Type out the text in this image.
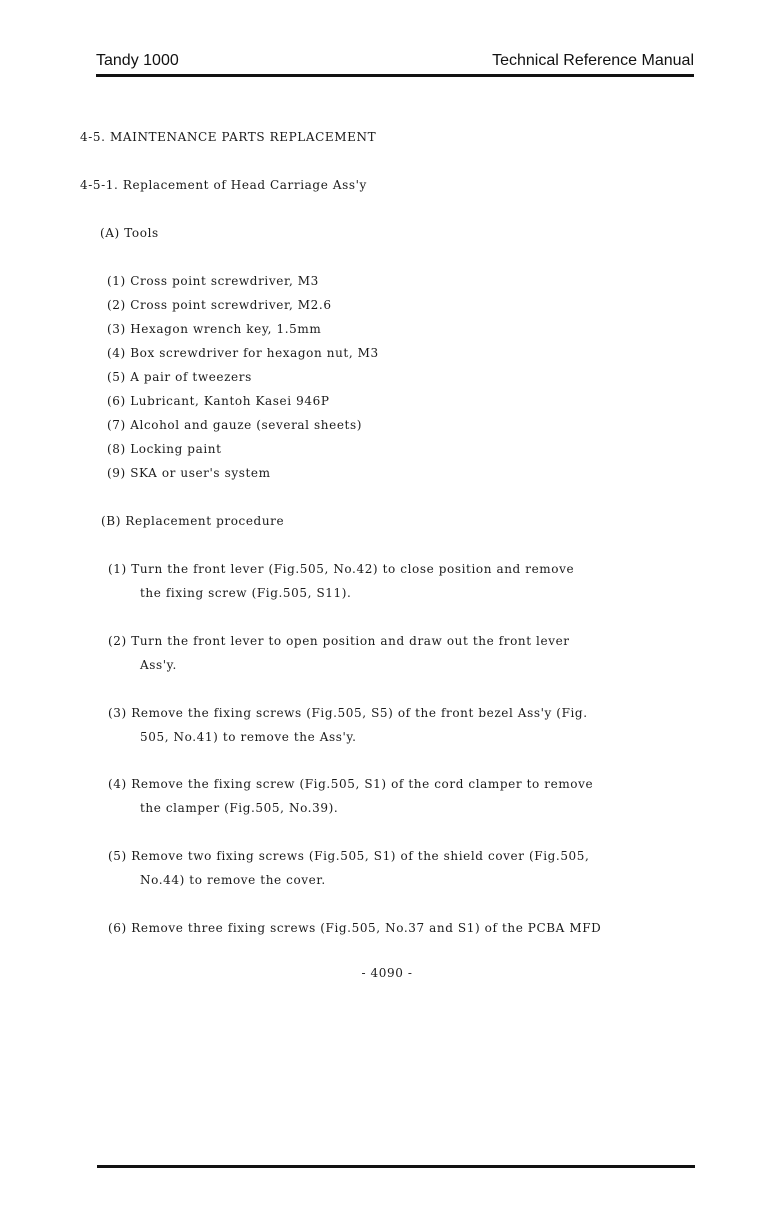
Tandy 1000	Technical Reference Manual
4-5. MAINTENANCE PARTS REPLACEMENT
4-5-1. Replacement of Head Carriage Ass'y
(A) Tools
(1) Cross point screwdriver, M3
(2) Cross point screwdriver, M2.6
(3) Hexagon wrench key, 1.5mm
(4) Box screwdriver for hexagon nut, M3
(5) A pair of tweezers
(6) Lubricant, Kantoh Kasei 946P
(7) Alcohol and gauze (several sheets)
(8) Locking paint
(9) SKA or user's system
(B) Replacement procedure
(1) Turn the front lever (Fig.505, No.42) to close position and remove
the fixing screw (Fig.505, S11).
(2) Turn the front lever to open position and draw out the front lever
Ass'y.
(3) Remove the fixing screws (Fig.505, S5) of the front bezel Ass'y (Fig.
505, No.41) to remove the Ass'y.
(4) Remove the fixing screw (Fig.505, S1) of the cord clamper to remove
the clamper (Fig.505, No.39).
(5) Remove two fixing screws (Fig.505, S1) of the shield cover (Fig.505,
No.44) to remove the cover.
(6) Remove three fixing screws (Fig.505, No.37 and S1) of the PCBA MFD
- 4090 -
